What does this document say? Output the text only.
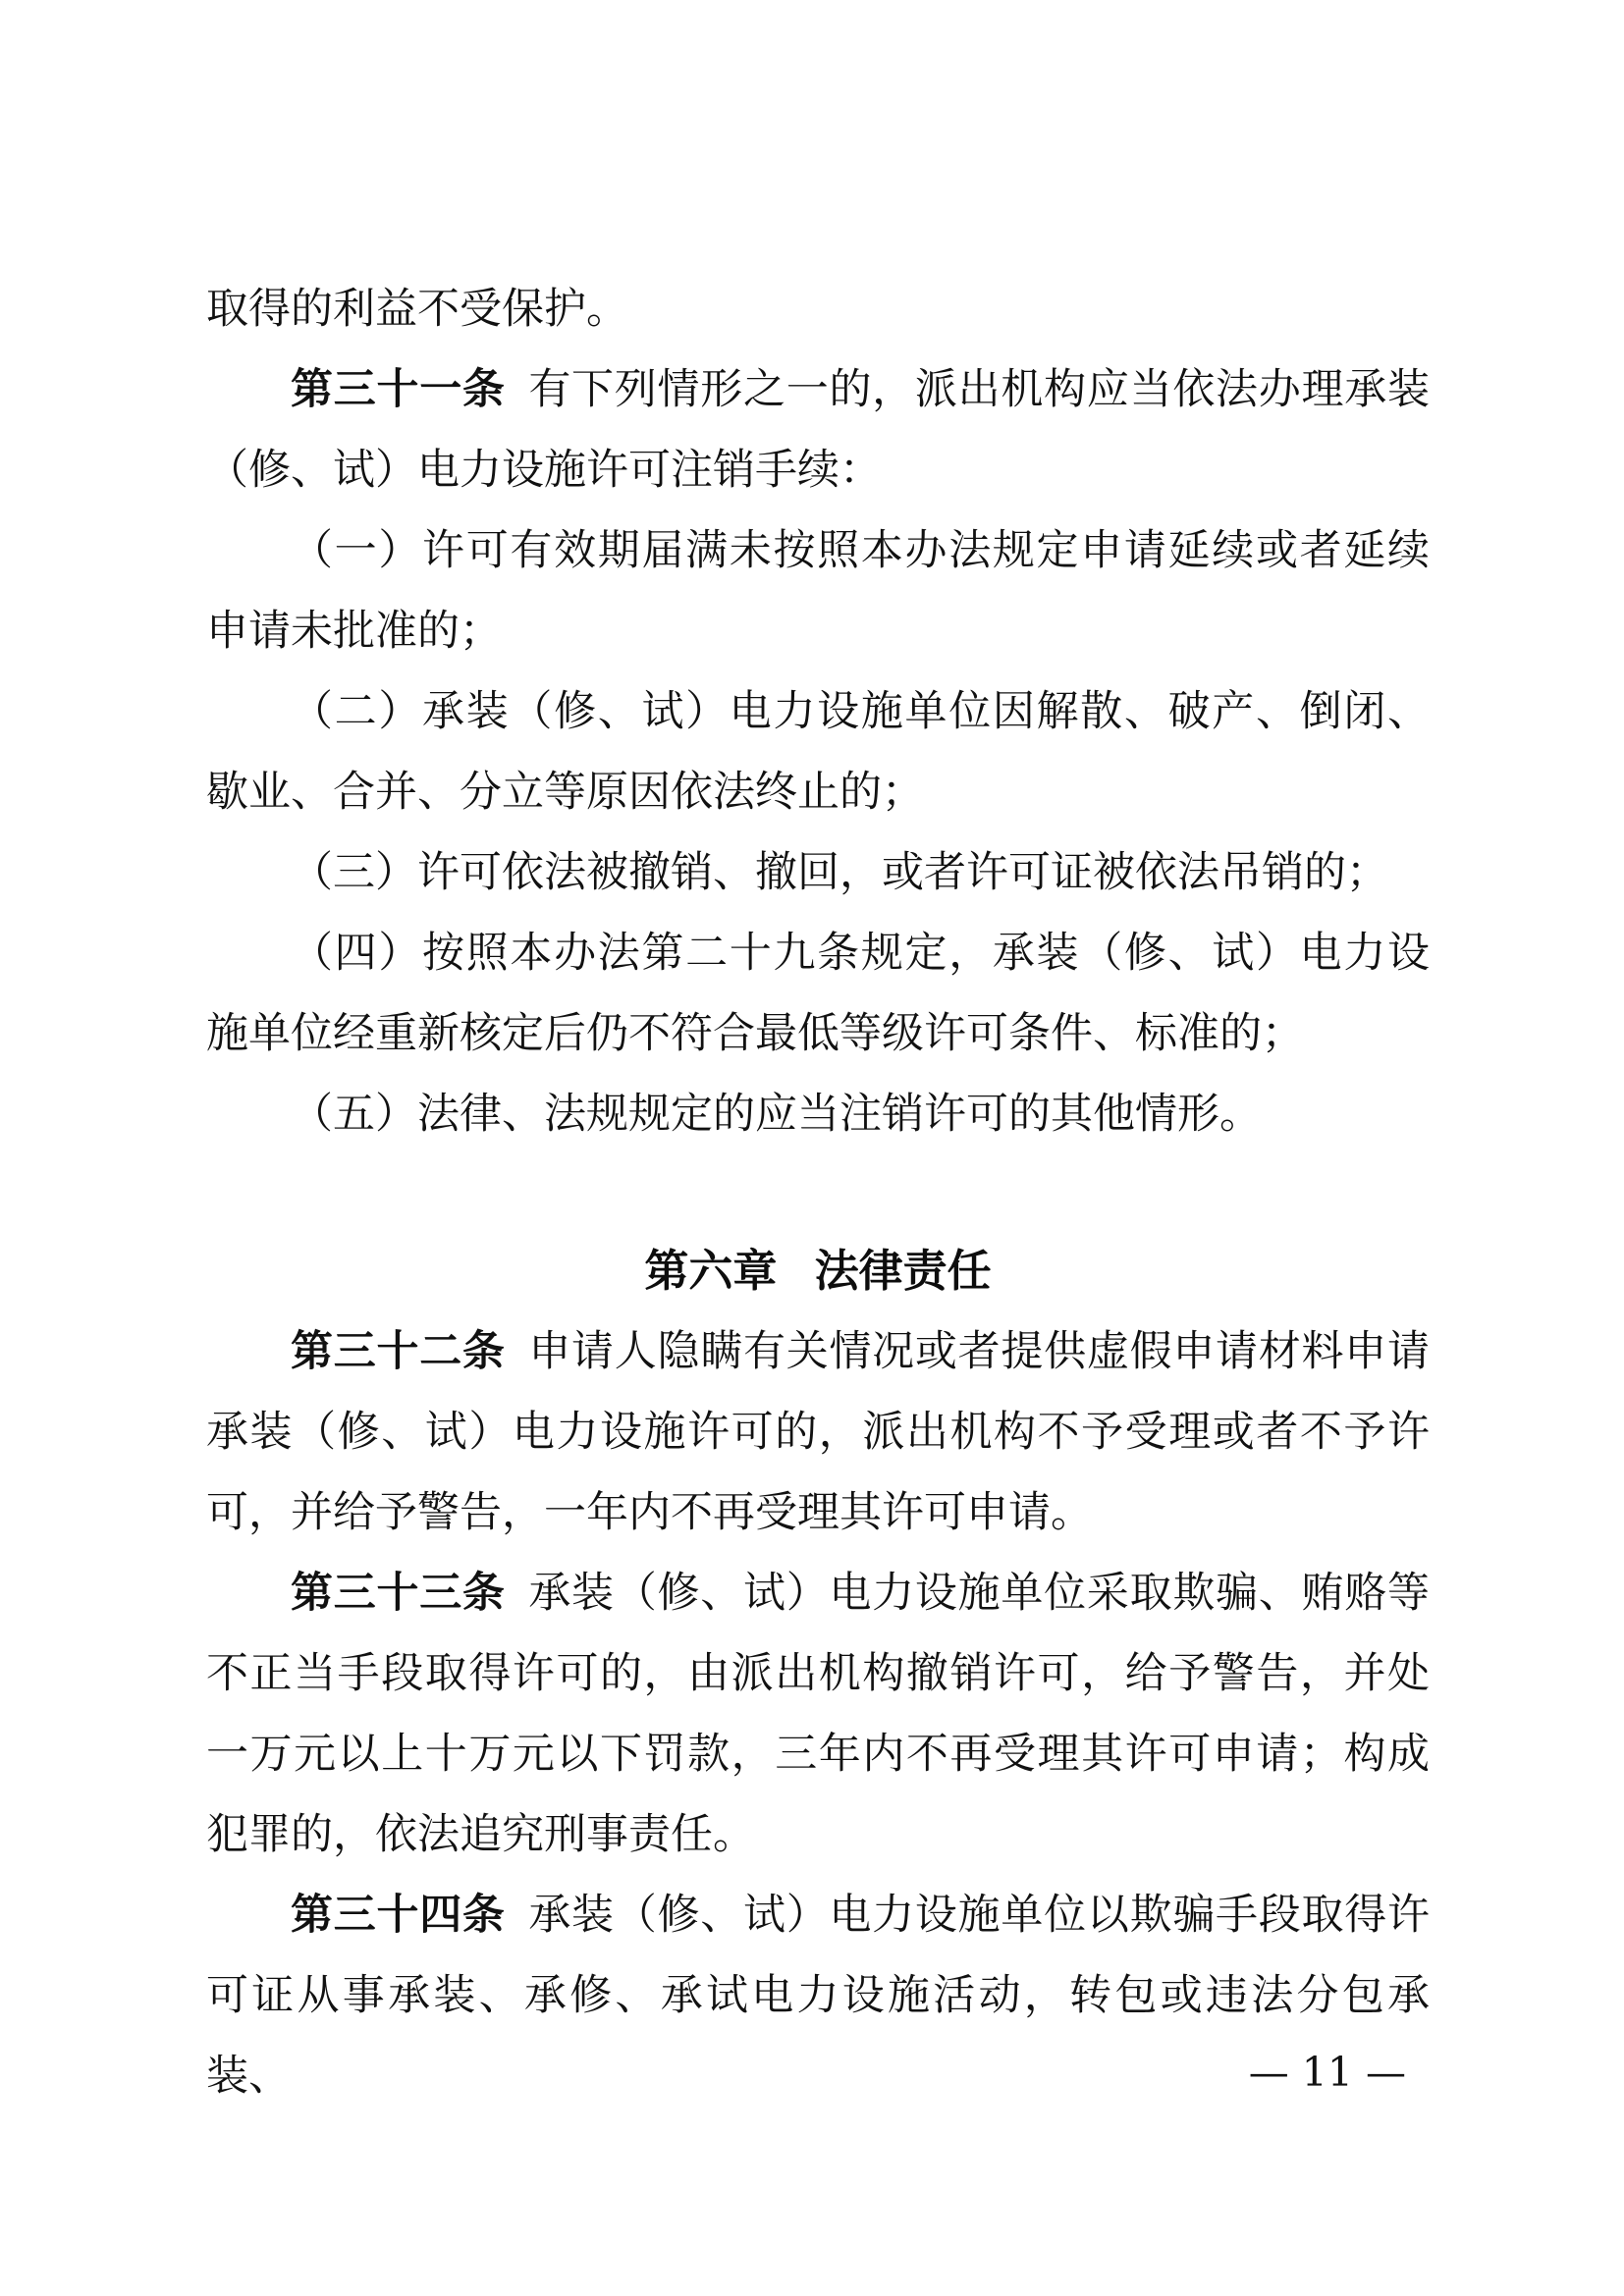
取得的利益不受保护。

第三十一条 有下列情形之一的，派出机构应当依法办理承装（修、试）电力设施许可注销手续：

（一）许可有效期届满未按照本办法规定申请延续或者延续申请未批准的；

（二）承装（修、试）电力设施单位因解散、破产、倒闭、歇业、合并、分立等原因依法终止的；

（三）许可依法被撤销、撤回，或者许可证被依法吊销的；

（四）按照本办法第二十九条规定，承装（修、试）电力设施单位经重新核定后仍不符合最低等级许可条件、标准的；

（五）法律、法规规定的应当注销许可的其他情形。

第六章 法律责任

第三十二条 申请人隐瞒有关情况或者提供虚假申请材料申请承装（修、试）电力设施许可的，派出机构不予受理或者不予许可，并给予警告，一年内不再受理其许可申请。

第三十三条 承装（修、试）电力设施单位采取欺骗、贿赂等不正当手段取得许可的，由派出机构撤销许可，给予警告，并处一万元以上十万元以下罚款，三年内不再受理其许可申请；构成犯罪的，依法追究刑事责任。

第三十四条 承装（修、试）电力设施单位以欺骗手段取得许可证从事承装、承修、承试电力设施活动，转包或违法分包承装、	— 11 —
